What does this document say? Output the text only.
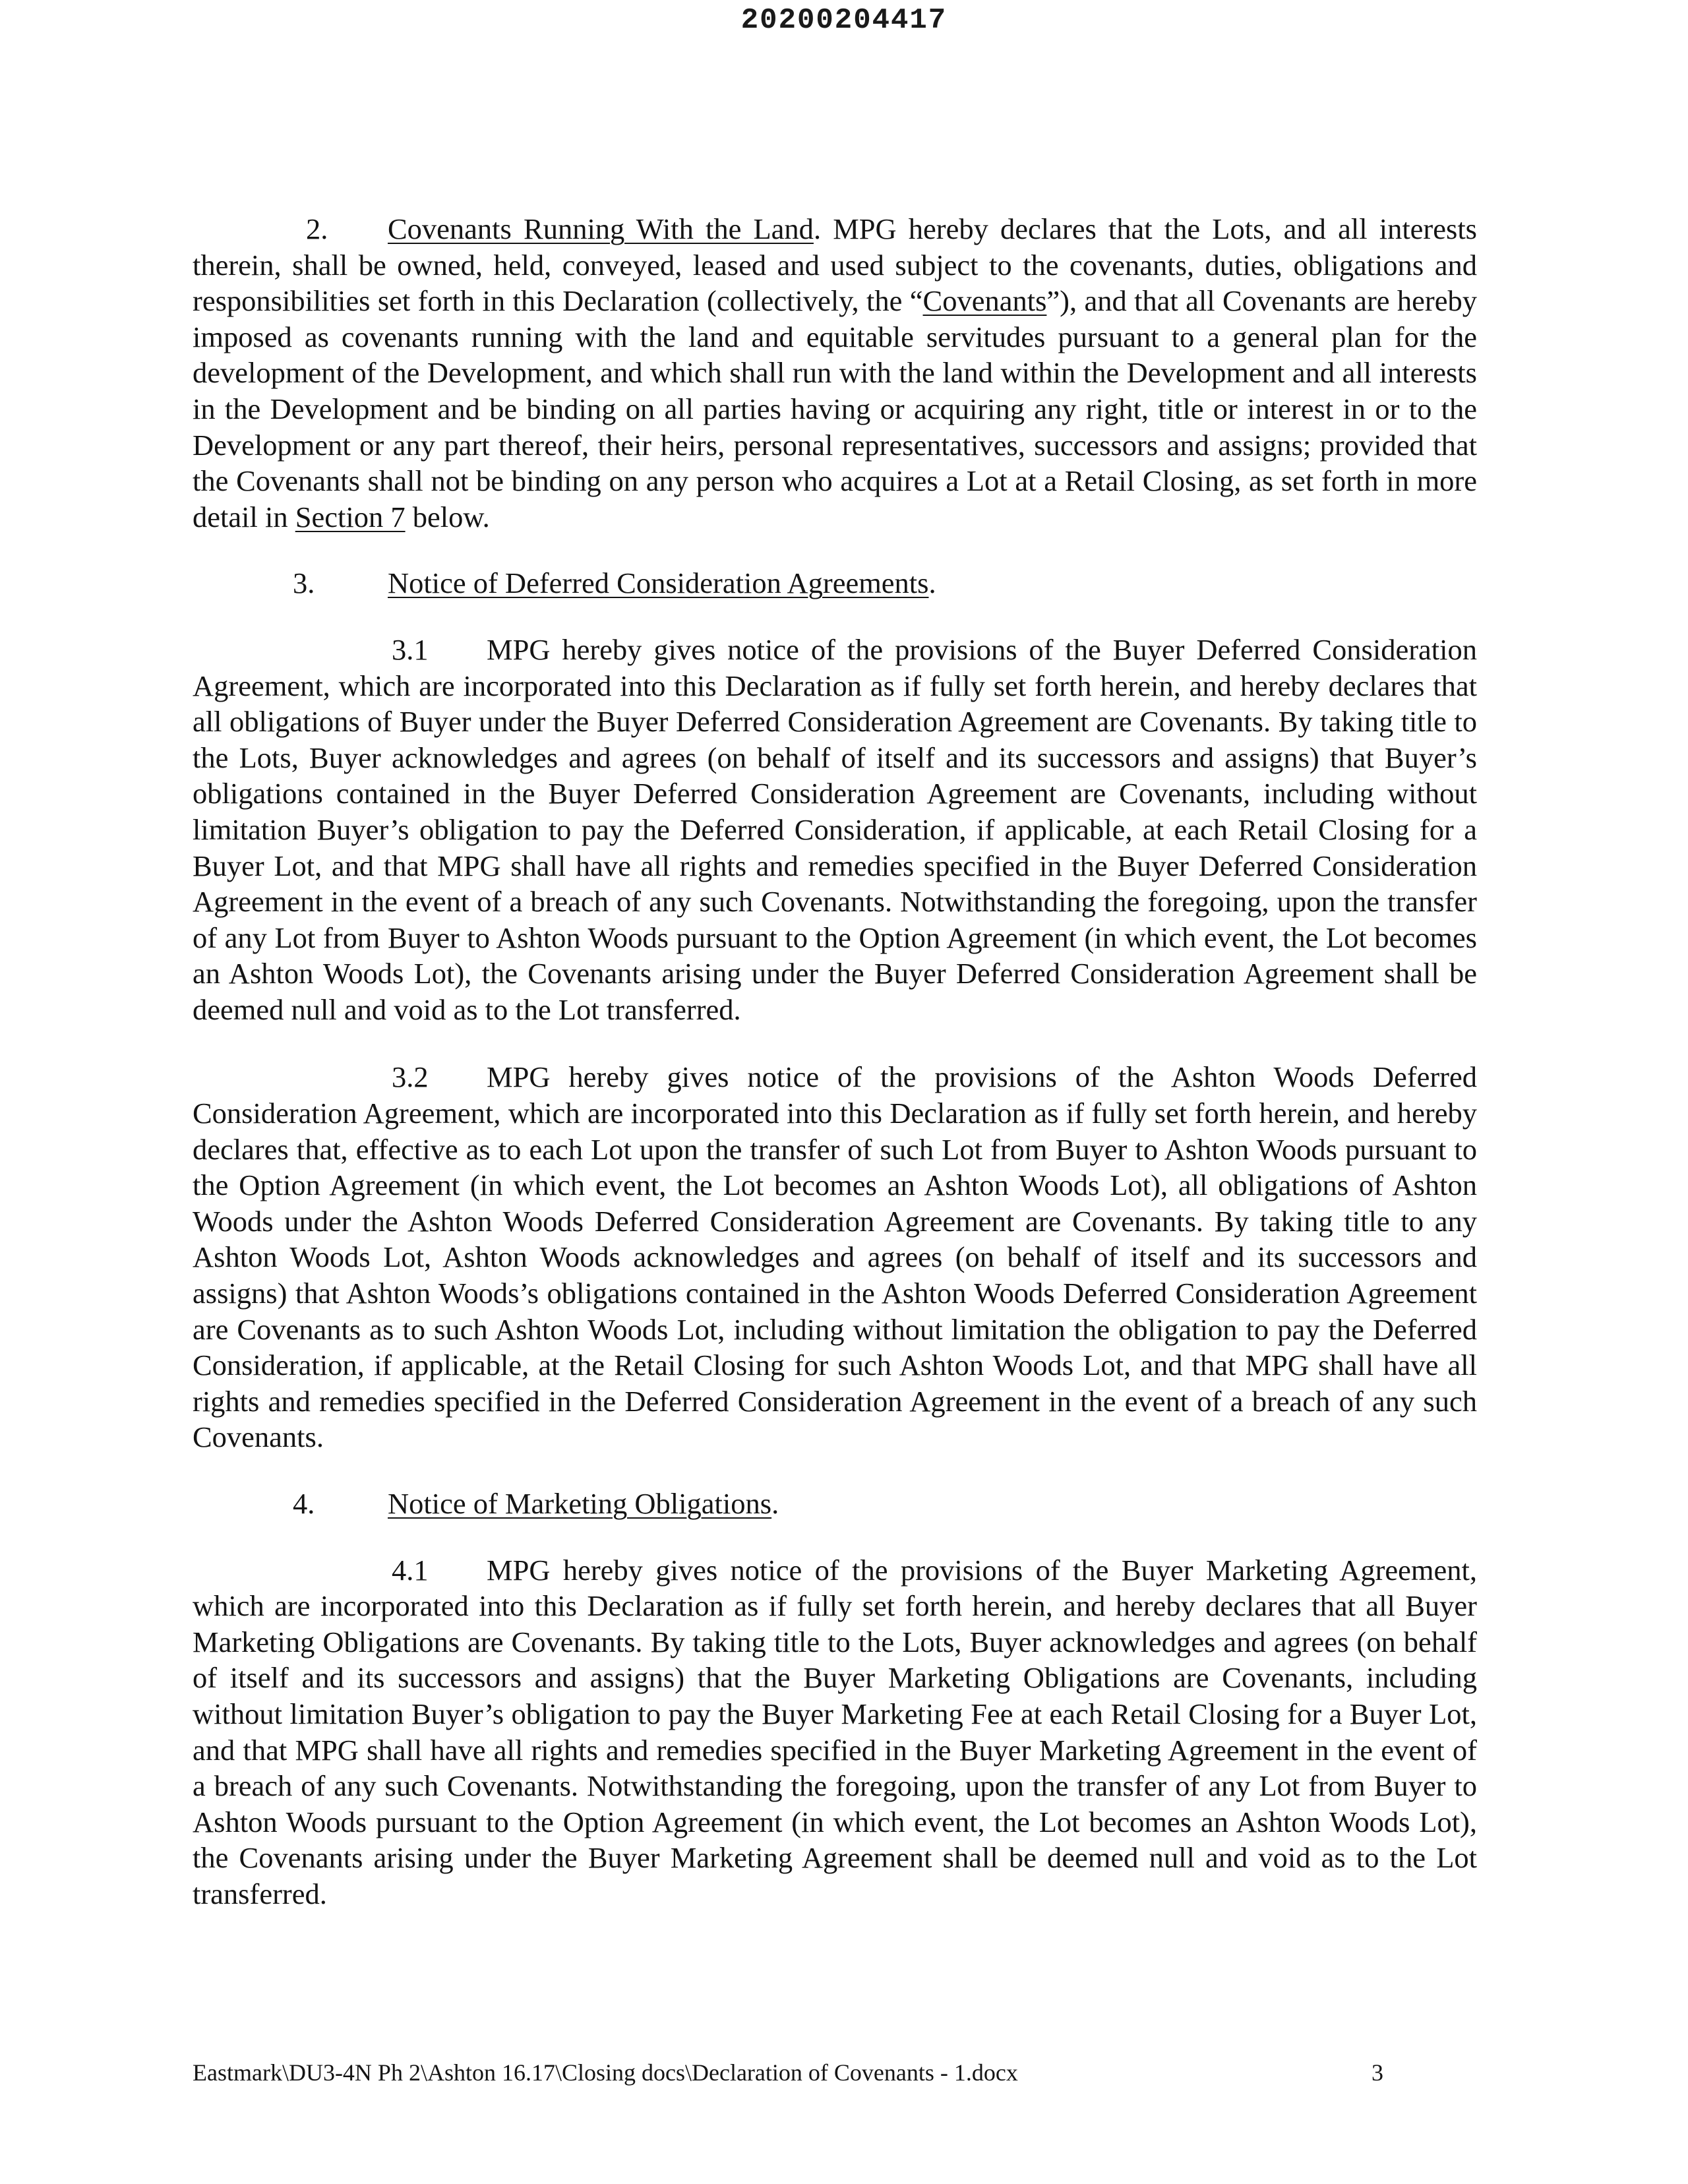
20200204417

2. Covenants Running With the Land. MPG hereby declares that the Lots, and all interests therein, shall be owned, held, conveyed, leased and used subject to the covenants, duties, obligations and responsibilities set forth in this Declaration (collectively, the “Covenants”), and that all Covenants are hereby imposed as covenants running with the land and equitable servitudes pursuant to a general plan for the development of the Development, and which shall run with the land within the Development and all interests in the Development and be binding on all parties having or acquiring any right, title or interest in or to the Development or any part thereof, their heirs, personal representatives, successors and assigns; provided that the Covenants shall not be binding on any person who acquires a Lot at a Retail Closing, as set forth in more detail in Section 7 below.

3. Notice of Deferred Consideration Agreements.

3.1 MPG hereby gives notice of the provisions of the Buyer Deferred Consideration Agreement, which are incorporated into this Declaration as if fully set forth herein, and hereby declares that all obligations of Buyer under the Buyer Deferred Consideration Agreement are Covenants. By taking title to the Lots, Buyer acknowledges and agrees (on behalf of itself and its successors and assigns) that Buyer’s obligations contained in the Buyer Deferred Consideration Agreement are Covenants, including without limitation Buyer’s obligation to pay the Deferred Consideration, if applicable, at each Retail Closing for a Buyer Lot, and that MPG shall have all rights and remedies specified in the Buyer Deferred Consideration Agreement in the event of a breach of any such Covenants. Notwithstanding the foregoing, upon the transfer of any Lot from Buyer to Ashton Woods pursuant to the Option Agreement (in which event, the Lot becomes an Ashton Woods Lot), the Covenants arising under the Buyer Deferred Consideration Agreement shall be deemed null and void as to the Lot transferred.

3.2 MPG hereby gives notice of the provisions of the Ashton Woods Deferred Consideration Agreement, which are incorporated into this Declaration as if fully set forth herein, and hereby declares that, effective as to each Lot upon the transfer of such Lot from Buyer to Ashton Woods pursuant to the Option Agreement (in which event, the Lot becomes an Ashton Woods Lot), all obligations of Ashton Woods under the Ashton Woods Deferred Consideration Agreement are Covenants. By taking title to any Ashton Woods Lot, Ashton Woods acknowledges and agrees (on behalf of itself and its successors and assigns) that Ashton Woods’s obligations contained in the Ashton Woods Deferred Consideration Agreement are Covenants as to such Ashton Woods Lot, including without limitation the obligation to pay the Deferred Consideration, if applicable, at the Retail Closing for such Ashton Woods Lot, and that MPG shall have all rights and remedies specified in the Deferred Consideration Agreement in the event of a breach of any such Covenants.

4. Notice of Marketing Obligations.

4.1 MPG hereby gives notice of the provisions of the Buyer Marketing Agreement, which are incorporated into this Declaration as if fully set forth herein, and hereby declares that all Buyer Marketing Obligations are Covenants. By taking title to the Lots, Buyer acknowledges and agrees (on behalf of itself and its successors and assigns) that the Buyer Marketing Obligations are Covenants, including without limitation Buyer’s obligation to pay the Buyer Marketing Fee at each Retail Closing for a Buyer Lot, and that MPG shall have all rights and remedies specified in the Buyer Marketing Agreement in the event of a breach of any such Covenants. Notwithstanding the foregoing, upon the transfer of any Lot from Buyer to Ashton Woods pursuant to the Option Agreement (in which event, the Lot becomes an Ashton Woods Lot), the Covenants arising under the Buyer Marketing Agreement shall be deemed null and void as to the Lot transferred.

Eastmark\DU3-4N Ph 2\Ashton 16.17\Closing docs\Declaration of Covenants - 1.docx	3
